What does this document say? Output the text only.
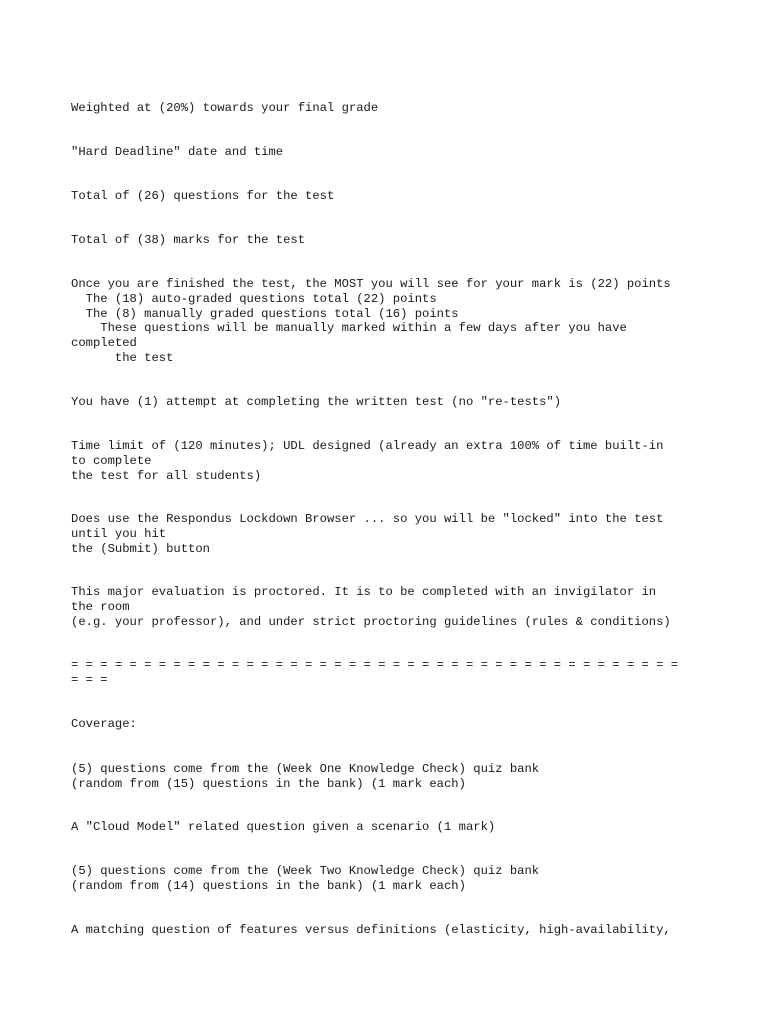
Weighted at (20%) towards your final grade
"Hard Deadline" date and time
Total of (26) questions for the test
Total of (38) marks for the test
Once you are finished the test, the MOST you will see for your mark is (22) points
The (18) auto-graded questions total (22) points
The (8) manually graded questions total (16) points
These questions will be manually marked within a few days after you have
completed
the test
You have (1) attempt at completing the written test (no "re-tests")
Time limit of (120 minutes); UDL designed (already an extra 100% of time built-in
to complete
the test for all students)
Does use the Respondus Lockdown Browser ... so you will be "locked" into the test
until you hit
the (Submit) button
This major evaluation is proctored. It is to be completed with an invigilator in
the room
(e.g. your professor), and under strict proctoring guidelines (rules & conditions)
= = = = = = = = = = = = = = = = = = = = = = = = = = = = = = = = = = = = = = = = = =
= = =
Coverage:
(5) questions come from the (Week One Knowledge Check) quiz bank
(random from (15) questions in the bank) (1 mark each)
A "Cloud Model" related question given a scenario (1 mark)
(5) questions come from the (Week Two Knowledge Check) quiz bank
(random from (14) questions in the bank) (1 mark each)
A matching question of features versus definitions (elasticity, high-availability,
